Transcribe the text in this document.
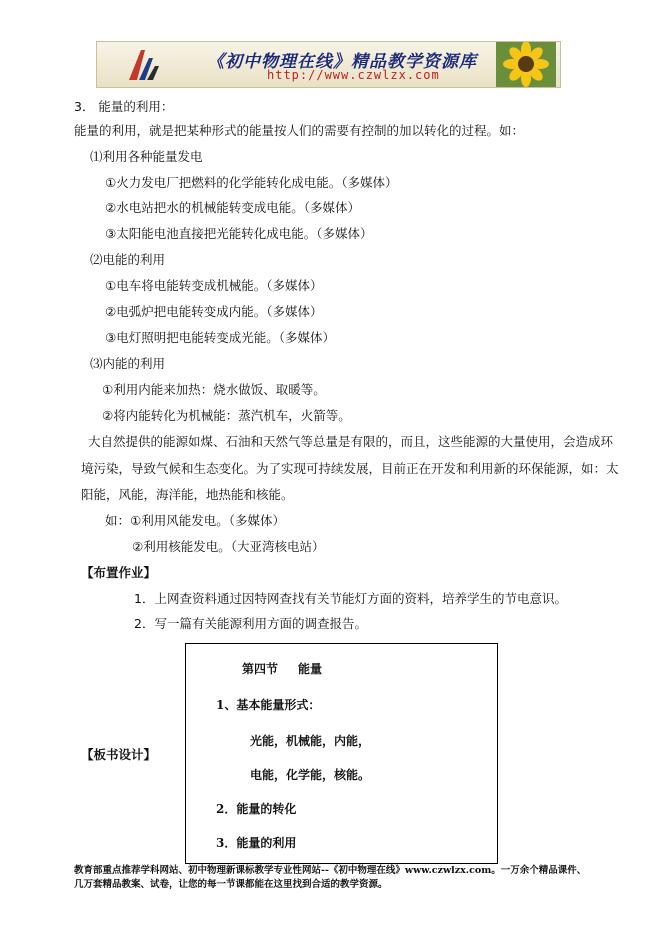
《初中物理在线》精品教学资源库
http://www.czwlzx.com
3． 能量的利用：
能量的利用，就是把某种形式的能量按人们的需要有控制的加以转化的过程。如：
⑴利用各种能量发电
①火力发电厂把燃料的化学能转化成电能。（多媒体）
②水电站把水的机械能转变成电能。（多媒体）
③太阳能电池直接把光能转化成电能。（多媒体）
⑵电能的利用
①电车将电能转变成机械能。（多媒体）
②电弧炉把电能转变成内能。（多媒体）
③电灯照明把电能转变成光能。（多媒体）
⑶内能的利用
①利用内能来加热：烧水做饭、取暖等。
②将内能转化为机械能：蒸汽机车，火箭等。
大自然提供的能源如煤、石油和天然气等总量是有限的，而且，这些能源的大量使用，会造成环
境污染，导致气候和生态变化。为了实现可持续发展，目前正在开发和利用新的环保能源，如：太
阳能，风能，海洋能，地热能和核能。
如：①利用风能发电。（多媒体）
②利用核能发电。（大亚湾核电站）
【布置作业】
1．上网查资料通过因特网查找有关节能灯方面的资料，培养学生的节电意识。
2．写一篇有关能源利用方面的调查报告。
【板书设计】
第四节 能量
1、基本能量形式：
光能，机械能，内能，
电能，化学能，核能。
2．能量的转化
3．能量的利用
教育部重点推荐学科网站、初中物理新课标教学专业性网站--《初中物理在线》www.czwlzx.com。一万余个精品课件、
几万套精品教案、试卷，让您的每一节课都能在这里找到合适的教学资源。
